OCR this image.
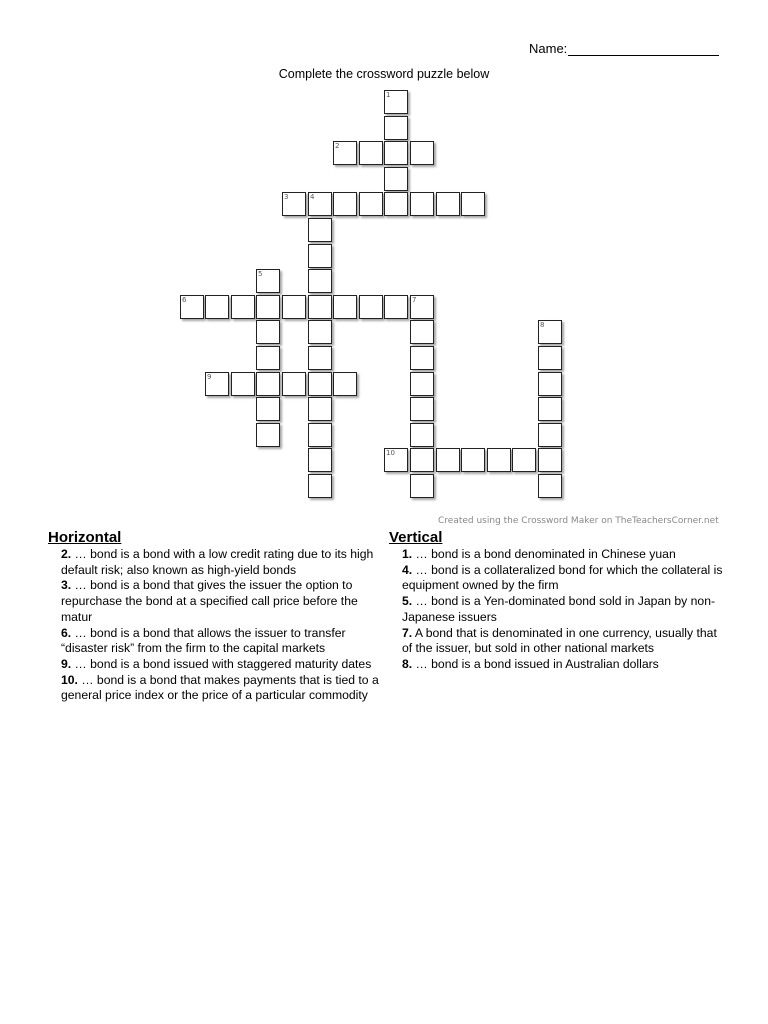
Name:
Complete the crossword puzzle below
1
2
3	4
5
6	7
8
9
10
Created using the Crossword Maker on TheTeachersCorner.net
Horizontal

2. … bond is a bond with a low credit rating due to its high default risk; also known as high-yield bonds

3. … bond is a bond that gives the issuer the option to repurchase the bond at a specified call price before the matur

6. … bond is a bond that allows the issuer to transfer “disaster risk” from the firm to the capital markets

9. … bond is a bond issued with staggered maturity dates

10. … bond is a bond that makes payments that is tied to a general price index or the price of a particular commodity

Vertical

1. … bond is a bond denominated in Chinese yuan

4. … bond is a collateralized bond for which the collateral is equipment owned by the firm

5. … bond is a Yen-dominated bond sold in Japan by non-Japanese issuers

7. A bond that is denominated in one currency, usually that of the issuer, but sold in other national markets

8. … bond is a bond issued in Australian dollars
